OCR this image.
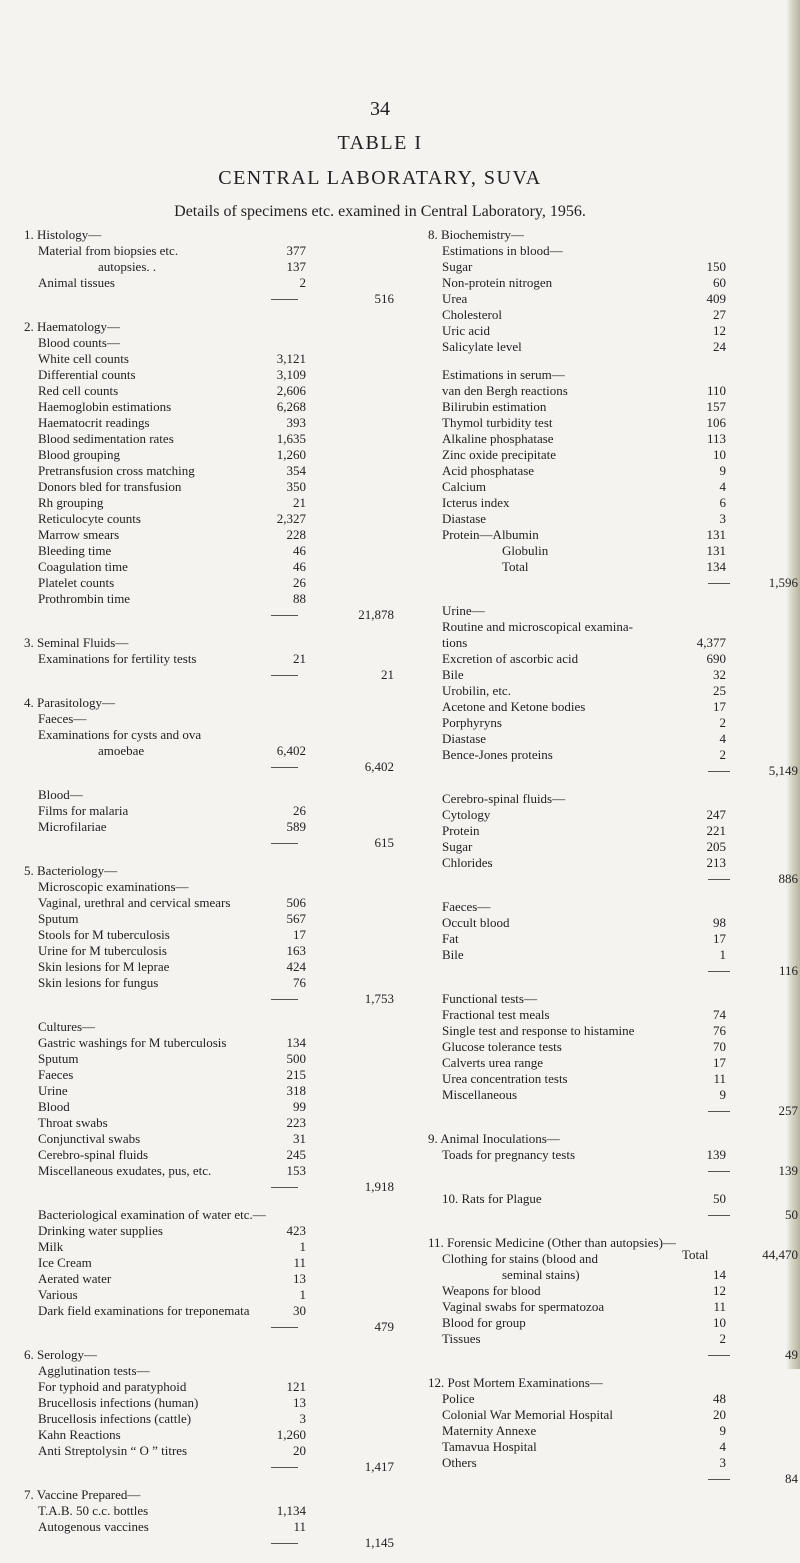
34
TABLE I
CENTRAL LABORATARY, SUVA
Details of specimens etc. examined in Central Laboratory, 1956.
1. Histology—
Material from biopsies etc.	377
autopsies. .	137
Animal tissues	2
516
2. Haematology—
Blood counts—
White cell counts	3,121
Differential counts	3,109
Red cell counts	2,606
Haemoglobin estimations	6,268
Haematocrit readings	393
Blood sedimentation rates	1,635
Blood grouping	1,260
Pretransfusion cross matching	354
Donors bled for transfusion	350
Rh grouping	21
Reticulocyte counts	2,327
Marrow smears	228
Bleeding time	46
Coagulation time	46
Platelet counts	26
Prothrombin time	88
21,878
3. Seminal Fluids—
Examinations for fertility tests	21
21
4. Parasitology—
Faeces—
Examinations for cysts and ova
amoebae	6,402
6,402
Blood—
Films for malaria	26
Microfilariae	589
615
5. Bacteriology—
Microscopic examinations—
Vaginal, urethral and cervical smears	506
Sputum	567
Stools for M tuberculosis	17
Urine for M tuberculosis	163
Skin lesions for M leprae	424
Skin lesions for fungus	76
1,753
Cultures—
Gastric washings for M tuberculosis	134
Sputum	500
Faeces	215
Urine	318
Blood	99
Throat swabs	223
Conjunctival swabs	31
Cerebro-spinal fluids	245
Miscellaneous exudates, pus, etc.	153
1,918
Bacteriological examination of water etc.—
Drinking water supplies	423
Milk	1
Ice Cream	11
Aerated water	13
Various	1
Dark field examinations for treponemata	30
479
6. Serology—
Agglutination tests—
For typhoid and paratyphoid	121
Brucellosis infections (human)	13
Brucellosis infections (cattle)	3
Kahn Reactions	1,260
Anti Streptolysin “ O ” titres	20
1,417
7. Vaccine Prepared—
T.A.B. 50 c.c. bottles	1,134
Autogenous vaccines	11
1,145
8. Biochemistry—
Estimations in blood—
Sugar	150
Non-protein nitrogen	60
Urea	409
Cholesterol	27
Uric acid	12
Salicylate level	24
Estimations in serum—
van den Bergh reactions	110
Bilirubin estimation	157
Thymol turbidity test	106
Alkaline phosphatase	113
Zinc oxide precipitate	10
Acid phosphatase	9
Calcium	4
Icterus index	6
Diastase	3
Protein—Albumin	131
Globulin	131
Total	134
1,596
Urine—
Routine and microscopical examina-
tions	4,377
Excretion of ascorbic acid	690
Bile	32
Urobilin, etc.	25
Acetone and Ketone bodies	17
Porphyryns	2
Diastase	4
Bence-Jones proteins	2
5,149
Cerebro-spinal fluids—
Cytology	247
Protein	221
Sugar	205
Chlorides	213
886
Faeces—
Occult blood	98
Fat	17
Bile	1
116
Functional tests—
Fractional test meals	74
Single test and response to histamine	76
Glucose tolerance tests	70
Calverts urea range	17
Urea concentration tests	11
Miscellaneous	9
257
9. Animal Inoculations—
Toads for pregnancy tests	139
139
10. Rats for Plague	50
50
11. Forensic Medicine (Other than autopsies)—
Clothing for stains (blood and
seminal stains)	14
Weapons for blood	12
Vaginal swabs for spermatozoa	11
Blood for group	10
Tissues	2
49
12. Post Mortem Examinations—
Police	48
Colonial War Memorial Hospital	20
Maternity Annexe	9
Tamavua Hospital	4
Others	3
84
Total	44,470
